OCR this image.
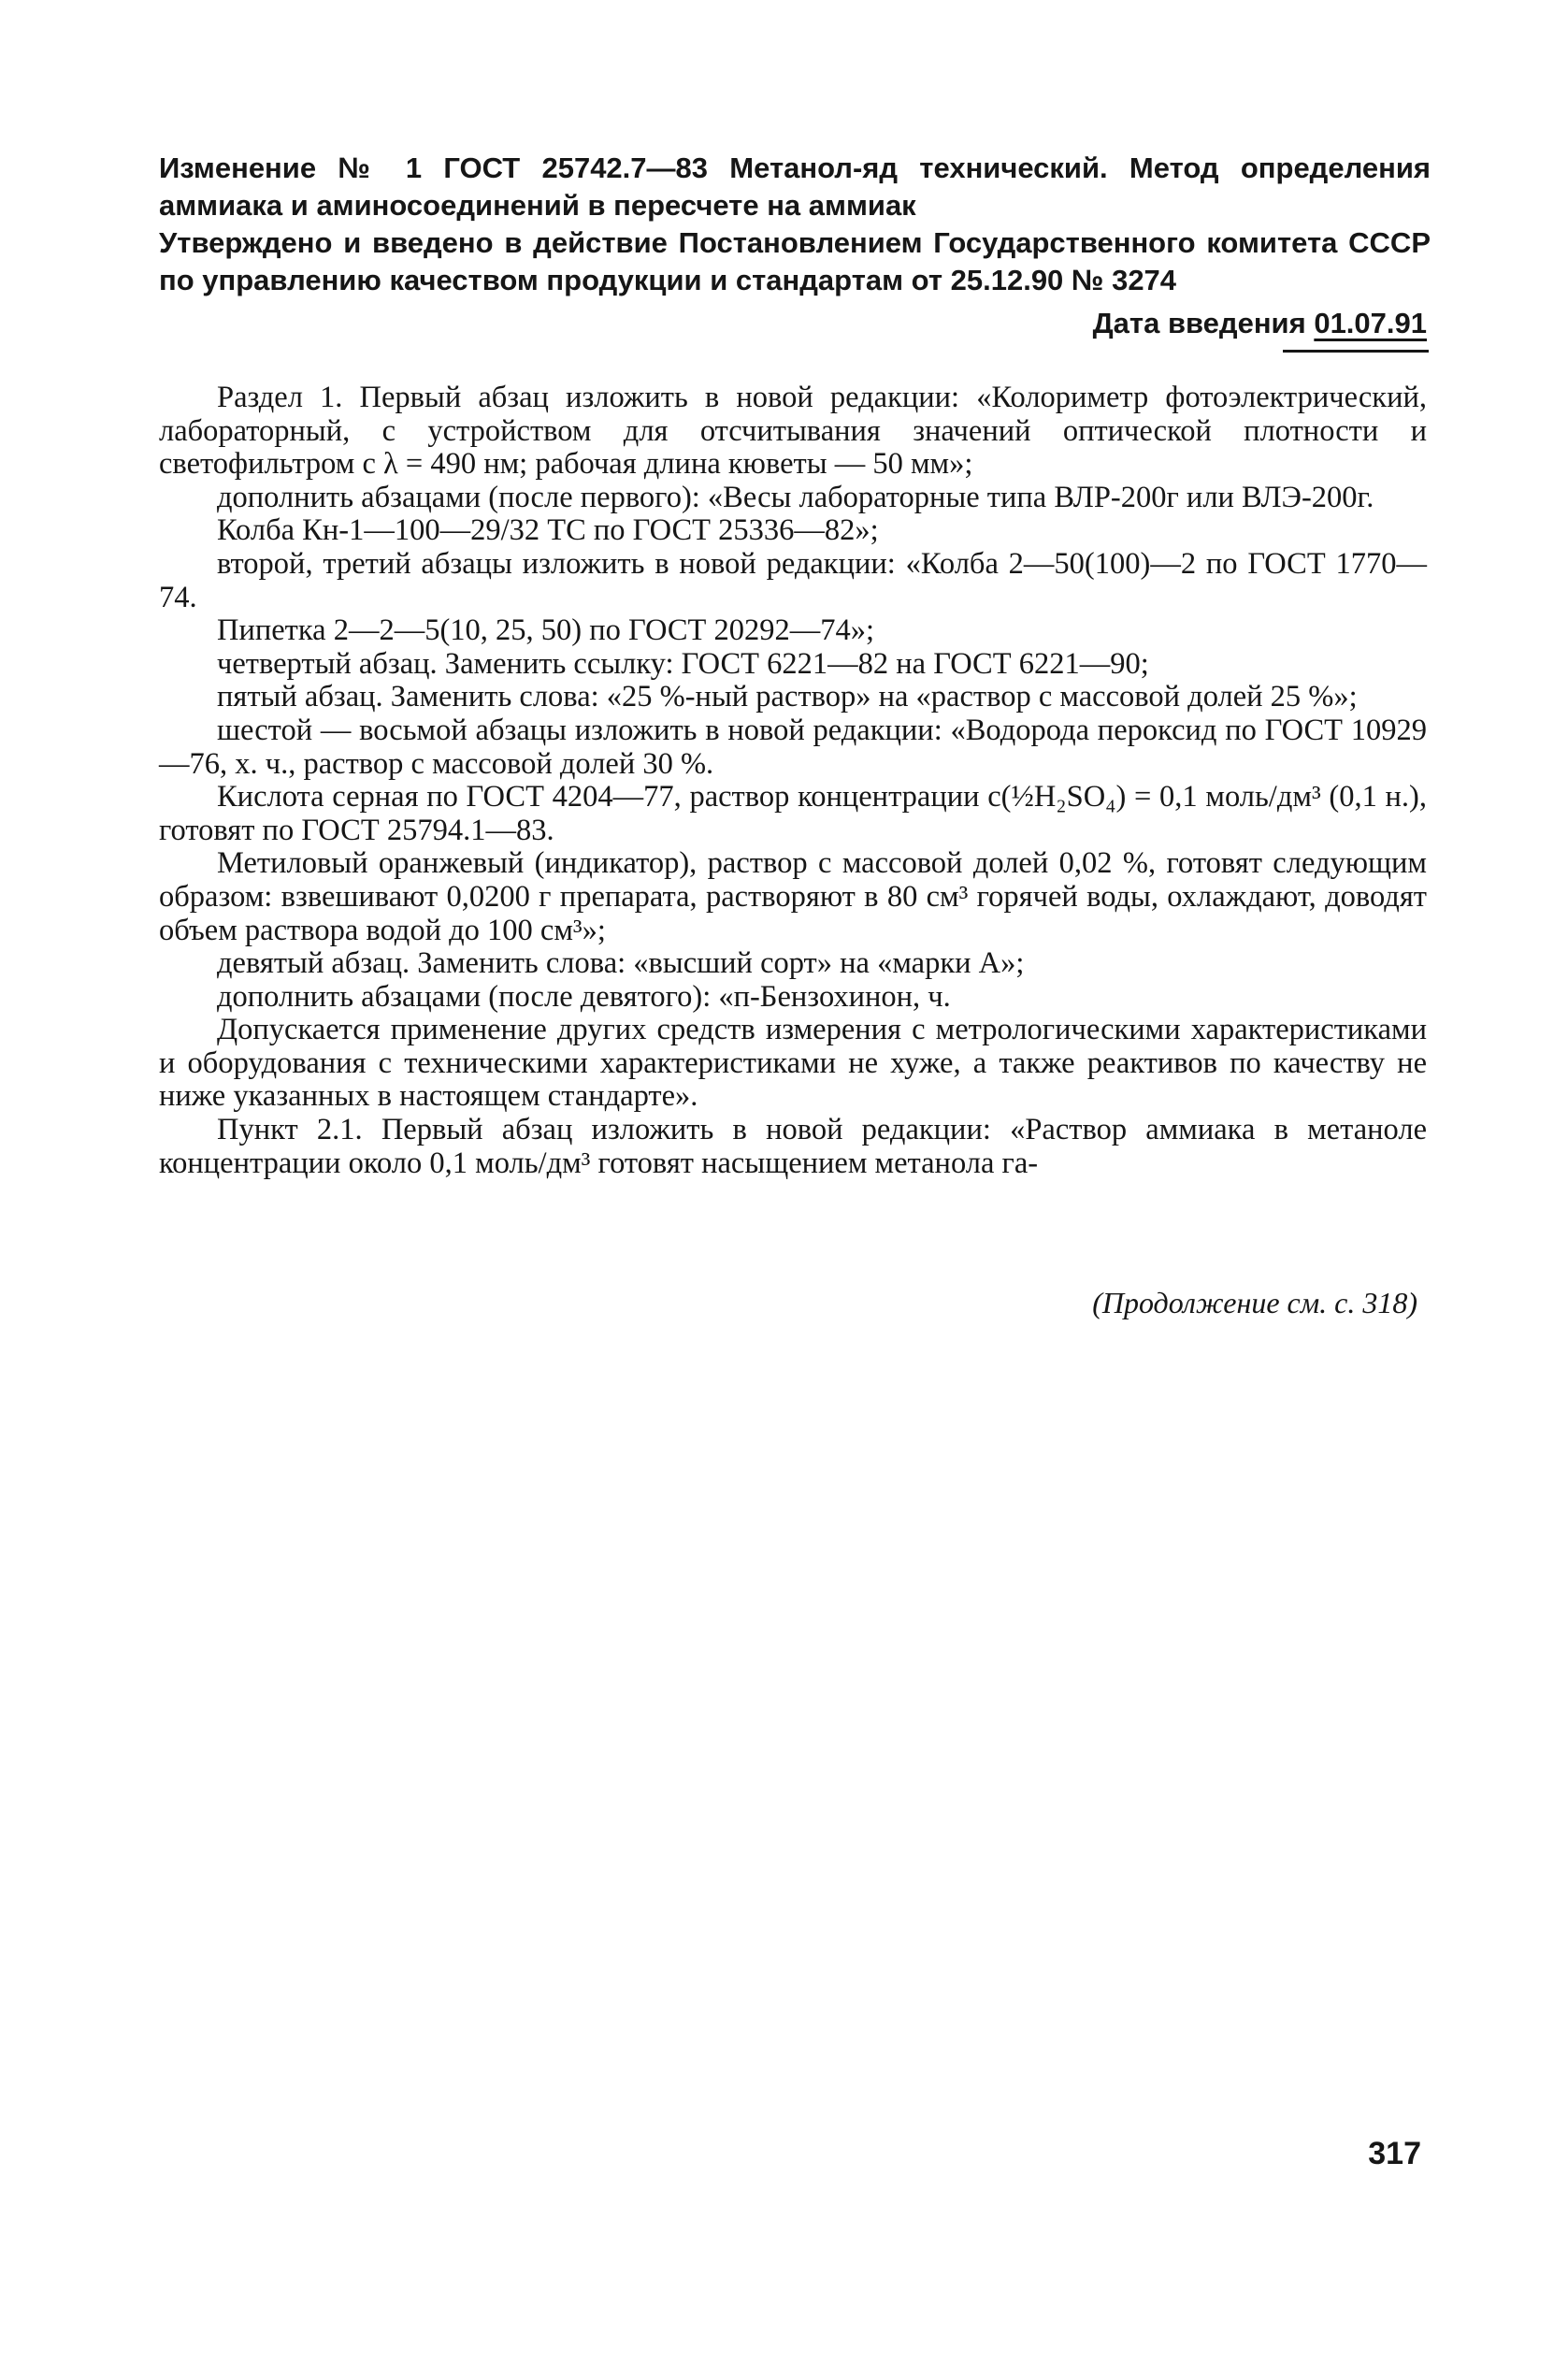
Изменение № 1 ГОСТ 25742.7—83 Метанол-яд технический. Метод определения аммиака и аминосоединений в пересчете на аммиак
Утверждено и введено в действие Постановлением Государственного комитета СССР по управлению качеством продукции и стандартам от 25.12.90 № 3274
Дата введения 01.07.91

Раздел 1. Первый абзац изложить в новой редакции: «Колориметр фотоэлектрический, лабораторный, с устройством для отсчитывания значений оптической плотности и светофильтром с λ = 490 нм; рабочая длина кюветы — 50 мм»;

дополнить абзацами (после первого): «Весы лабораторные типа ВЛР-200г или ВЛЭ-200г.

Колба Кн-1—100—29/32 ТС по ГОСТ 25336—82»;

второй, третий абзацы изложить в новой редакции: «Колба 2—50(100)—2 по ГОСТ 1770—74.

Пипетка 2—2—5(10, 25, 50) по ГОСТ 20292—74»;

четвертый абзац. Заменить ссылку: ГОСТ 6221—82 на ГОСТ 6221—90;

пятый абзац. Заменить слова: «25 %-ный раствор» на «раствор с массовой долей 25 %»;

шестой — восьмой абзацы изложить в новой редакции: «Водорода пероксид по ГОСТ 10929—76, х. ч., раствор с массовой долей 30 %.

Кислота серная по ГОСТ 4204—77, раствор концентрации c(½H₂SO₄) = 0,1 моль/дм³ (0,1 н.), готовят по ГОСТ 25794.1—83.

Метиловый оранжевый (индикатор), раствор с массовой долей 0,02 %, готовят следующим образом: взвешивают 0,0200 г препарата, растворяют в 80 см³ горячей воды, охлаждают, доводят объем раствора водой до 100 см³»;

девятый абзац. Заменить слова: «высший сорт» на «марки А»;

дополнить абзацами (после девятого): «п-Бензохинон, ч.

Допускается применение других средств измерения с метрологическими характеристиками и оборудования с техническими характеристиками не хуже, а также реактивов по качеству не ниже указанных в настоящем стандарте».

Пункт 2.1. Первый абзац изложить в новой редакции: «Раствор аммиака в метаноле концентрации около 0,1 моль/дм³ готовят насыщением метанола га-

(Продолжение см. с. 318)
317
